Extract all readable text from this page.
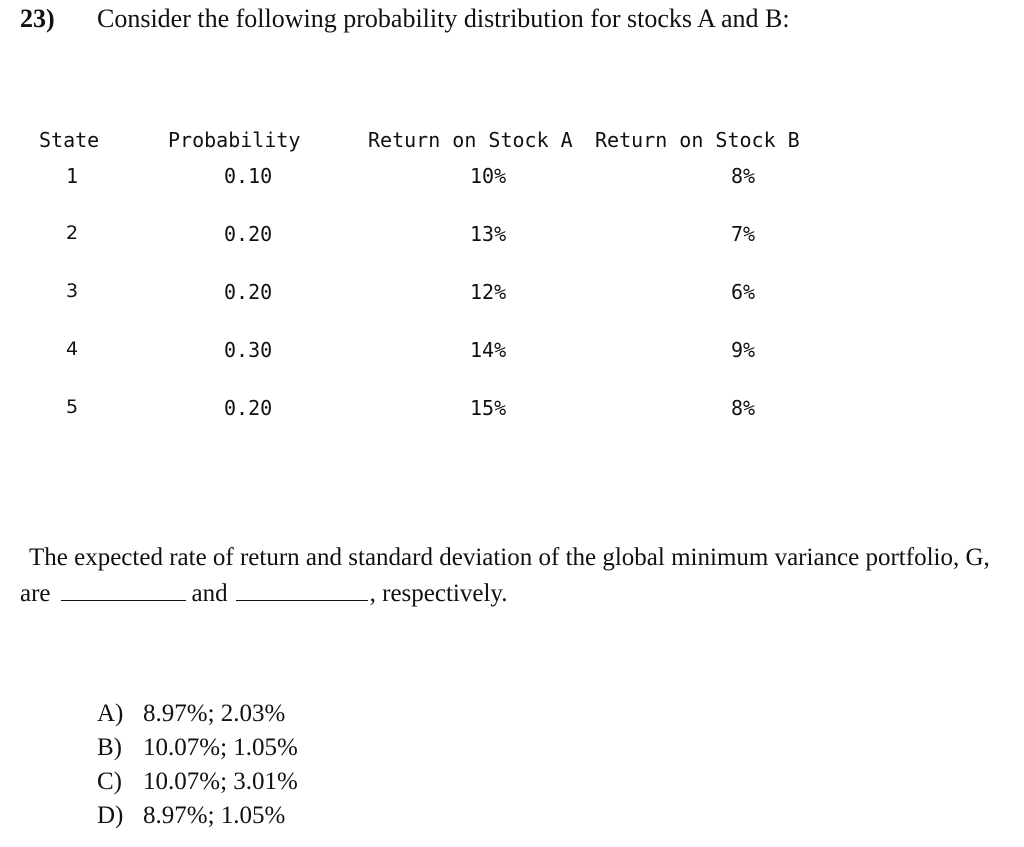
23) Consider the following probability distribution for stocks A and B:
State	Probability	Return on Stock A Return on Stock B
1	0.10	10%	8%
2	0.20	13%	7%
3	0.20	12%	6%
4	0.30	14%	9%
5	0.20	15%	8%
The expected rate of return and standard deviation of the global minimum variance portfolio, G,
are	and	, respectively.
A) 8.97%; 2.03%
B) 10.07%; 1.05%
C) 10.07%; 3.01%
D) 8.97%; 1.05%
